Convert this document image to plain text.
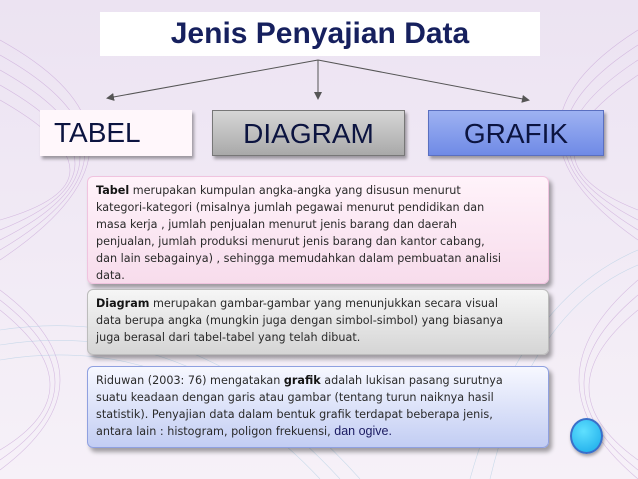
Jenis Penyajian Data
TABEL	DIAGRAM	GRAFIK
Tabel merupakan kumpulan angka-angka yang disusun menurut
kategori-kategori (misalnya jumlah pegawai menurut pendidikan dan
masa kerja , jumlah penjualan menurut jenis barang dan daerah
penjualan, jumlah produksi menurut jenis barang dan kantor cabang,
dan lain sebagainya) , sehingga memudahkan dalam pembuatan analisi
data.
Diagram merupakan gambar-gambar yang menunjukkan secara visual
data berupa angka (mungkin juga dengan simbol-simbol) yang biasanya
juga berasal dari tabel-tabel yang telah dibuat.
Riduwan (2003: 76) mengatakan grafik adalah lukisan pasang surutnya
suatu keadaan dengan garis atau gambar (tentang turun naiknya hasil
statistik). Penyajian data dalam bentuk grafik terdapat beberapa jenis,
antara lain : histogram, poligon frekuensi, dan ogive.
